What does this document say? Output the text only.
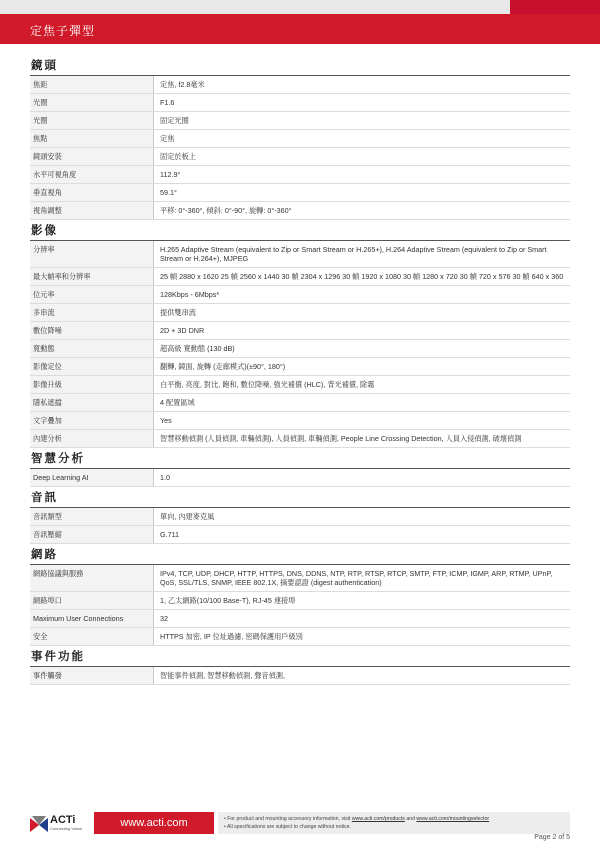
定焦子彈型
鏡頭
焦距	定焦, f2.8毫米
光圈	F1.6
光圈	固定光圈
焦點	定焦
鏡頭安裝	固定於板上
水平可視角度	112.9°
垂直視角	59.1°
視角調整	平移: 0°-360°, 傾斜: 0°-90°, 旋轉: 0°-360°
影像
分辨率	H.265 Adaptive Stream (equivalent to Zip or Smart Stream or H.265+), H.264 Adaptive Stream (equivalent to Zip or Smart Stream or H.264+), MJPEG
最大幀率和分辨率	25 幀 2880 x 1620 25 幀 2560 x 1440 30 幀 2304 x 1296 30 幀 1920 x 1080 30 幀 1280 x 720 30 幀 720 x 576 30 幀 640 x 360
位元率	128Kbps - 6Mbps*
多串流	提供雙串流
數位降噪	2D + 3D DNR
寬動態	超高級 寬動態 (130 dB)
影像定位	翻轉, 鏡面, 旋轉 (走廊模式)(±90°, 180°)
影像升級	白平衡, 亮度, 對比, 飽和, 數位降噪, 強光補償 (HLC), 背光補償, 除霧
隱私遮擋	4 配置區域
文字疊加	Yes
內建分析	智慧移動偵測 (人員偵測, 車輛偵測), 人員偵測, 車輛偵測, People Line Crossing Detection, 人員入侵偵測, 破壞偵測
智慧分析
Deep Learning AI	1.0
音訊
音訊類型	單向, 內建麥克風
音訊壓縮	G.711
網路
網路協議與服務	IPv4, TCP, UDP, DHCP, HTTP, HTTPS, DNS, DDNS, NTP, RTP, RTSP, RTCP, SMTP, FTP, ICMP, IGMP, ARP, RTMP, UPnP, QoS, SSL/TLS, SNMP, IEEE 802.1X, 摘要認證 (digest authentication)
網路埠口	1, 乙太網路(10/100 Base-T), RJ-45 連接埠
Maximum User Connections	32
安全	HTTPS 加密, IP 位址過濾, 密碼保護用戶級別
事件功能
事件觸發	智能事件偵測, 智慧移動偵測, 聲音偵測,
ACTi
Connecting Vision	www.acti.com	• For product and mounting accessory information, visit www.acti.com/products and www.acti.com/mountingselector
• All specifications are subject to change without notice.
Page 2 of 5
